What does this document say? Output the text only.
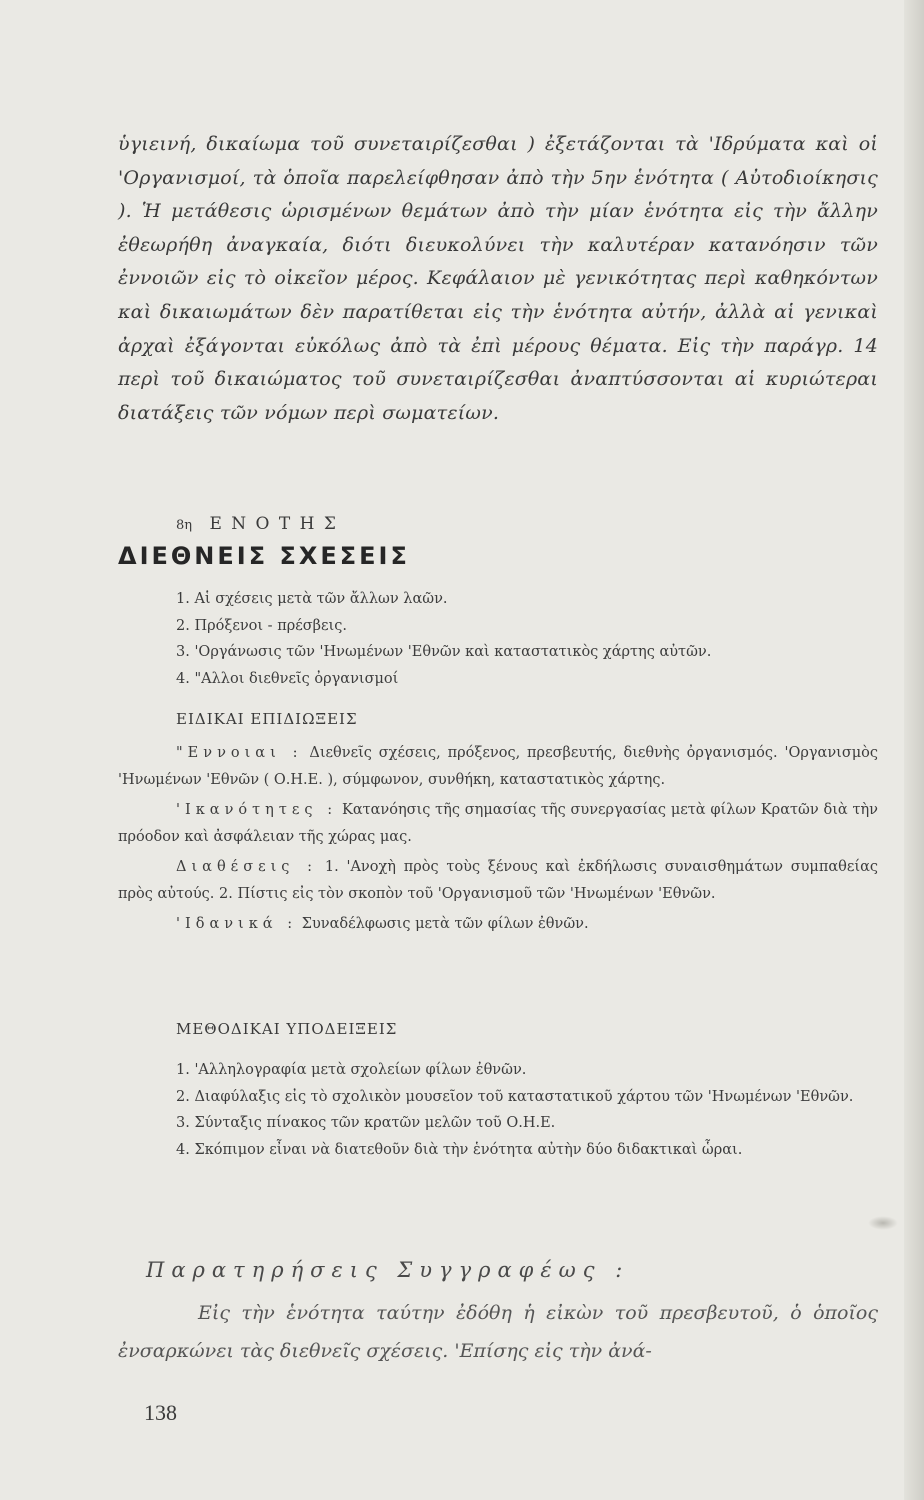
ὑγιεινή, δικαίωμα τοῦ συνεταιρίζεσθαι ) ἐξετάζονται τὰ 'Ιδρύματα καὶ οἱ 'Οργανισμοί, τὰ ὁποῖα παρελείφθησαν ἀπὸ τὴν 5ην ἑνότητα ( Αὐτοδιοίκησις ). Ἡ μετάθεσις ὡρισμένων θεμάτων ἀπὸ τὴν μίαν ἑνότητα εἰς τὴν ἄλλην ἐθεωρήθη ἀναγκαία, διότι διευκολύνει τὴν καλυτέραν κατανόησιν τῶν ἐννοιῶν εἰς τὸ οἰκεῖον μέρος. Κεφάλαιον μὲ γενικότητας περὶ καθηκόντων καὶ δικαιωμάτων δὲν παρατίθεται εἰς τὴν ἑνότητα αὐτήν, ἀλλὰ αἱ γενικαὶ ἀρχαὶ ἐξάγονται εὐκόλως ἀπὸ τὰ ἐπὶ μέρους θέματα. Εἰς τὴν παράγρ. 14 περὶ τοῦ δικαιώματος τοῦ συνεταιρίζεσθαι ἀναπτύσσονται αἱ κυριώτεραι διατάξεις τῶν νόμων περὶ σωματείων.

8η Ε Ν Ο Τ Η Σ
ΔΙΕΘΝΕΙΣ ΣΧΕΣΕΙΣ
1. Αἱ σχέσεις μετὰ τῶν ἄλλων λαῶν.
2. Πρόξενοι - πρέσβεις.
3. 'Οργάνωσις τῶν 'Ηνωμένων 'Εθνῶν καὶ καταστατικὸς χάρτης αὐτῶν.
4. "Αλλοι διεθνεῖς ὀργανισμοί
ΕΙΔΙΚΑΙ ΕΠΙΔΙΩΞΕΙΣ

"Εννοιαι : Διεθνεῖς σχέσεις, πρόξενος, πρεσβευτής, διεθνὴς ὀργανισμός. 'Οργανισμὸς 'Ηνωμένων 'Εθνῶν ( Ο.Η.Ε. ), σύμφωνον, συνθήκη, καταστατικὸς χάρτης.

'Ικανότητες : Κατανόησις τῆς σημασίας τῆς συνεργασίας μετὰ φίλων Κρατῶν διὰ τὴν πρόοδον καὶ ἀσφάλειαν τῆς χώρας μας.

Διαθέσεις : 1. 'Ανοχὴ πρὸς τοὺς ξένους καὶ ἐκδήλωσις συναισθημάτων συμπαθείας πρὸς αὐτούς. 2. Πίστις εἰς τὸν σκοπὸν τοῦ 'Οργανισμοῦ τῶν 'Ηνωμένων 'Εθνῶν.

'Ιδανικά : Συναδέλφωσις μετὰ τῶν φίλων ἐθνῶν.

ΜΕΘΟΔΙΚΑΙ ΥΠΟΔΕΙΞΕΙΣ
1. 'Αλληλογραφία μετὰ σχολείων φίλων ἐθνῶν.
2. Διαφύλαξις εἰς τὸ σχολικὸν μουσεῖον τοῦ καταστατικοῦ χάρτου τῶν 'Ηνωμένων 'Εθνῶν.
3. Σύνταξις πίνακος τῶν κρατῶν μελῶν τοῦ Ο.Η.Ε.
4. Σκόπιμον εἶναι νὰ διατεθοῦν διὰ τὴν ἑνότητα αὐτὴν δύο διδακτικαὶ ὧραι.
Παρατηρήσεις Συγγραφέως :

Εἰς τὴν ἑνότητα ταύτην ἐδόθη ἡ εἰκὼν τοῦ πρεσβευτοῦ, ὁ ὁποῖος ἐνσαρκώνει τὰς διεθνεῖς σχέσεις. 'Επίσης εἰς τὴν ἀνά-

138
